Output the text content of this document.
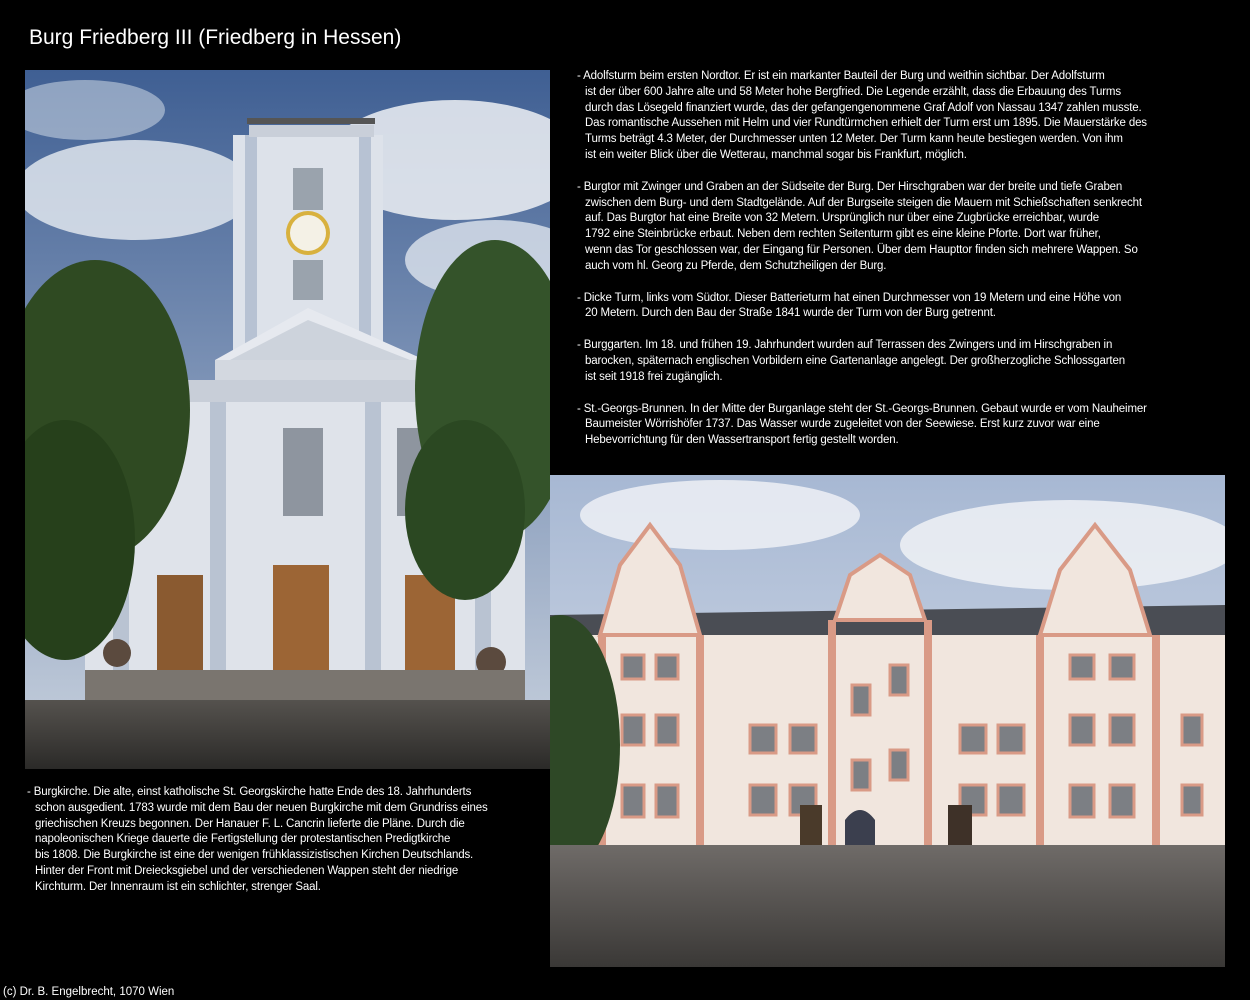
Burg Friedberg III (Friedberg in Hessen)
- Adolfsturm beim ersten Nordtor. Er ist ein markanter Bauteil der Burg und weithin sichtbar. Der Adolfsturm
ist der über 600 Jahre alte und 58 Meter hohe Bergfried. Die Legende erzählt, dass die Erbauung des Turms
durch das Lösegeld finanziert wurde, das der gefangengenommene Graf Adolf von Nassau 1347 zahlen musste.
Das romantische Aussehen mit Helm und vier Rundtürmchen erhielt der Turm erst um 1895. Die Mauerstärke des
Turms beträgt 4.3 Meter, der Durchmesser unten 12 Meter. Der Turm kann heute bestiegen werden. Von ihm
ist ein weiter Blick über die Wetterau, manchmal sogar bis Frankfurt, möglich.
- Burgtor mit Zwinger und Graben an der Südseite der Burg. Der Hirschgraben war der breite und tiefe Graben
zwischen dem Burg- und dem Stadtgelände. Auf der Burgseite steigen die Mauern mit Schießschaften senkrecht
auf. Das Burgtor hat eine Breite von 32 Metern. Ursprünglich nur über eine Zugbrücke erreichbar, wurde
1792 eine Steinbrücke erbaut. Neben dem rechten Seitenturm gibt es eine kleine Pforte. Dort war früher,
wenn das Tor geschlossen war, der Eingang für Personen. Über dem Haupttor finden sich mehrere Wappen. So
auch vom hl. Georg zu Pferde, dem Schutzheiligen der Burg.
- Dicke Turm, links vom Südtor. Dieser Batterieturm hat einen Durchmesser von 19 Metern und eine Höhe von
20 Metern. Durch den Bau der Straße 1841 wurde der Turm von der Burg getrennt.
- Burggarten. Im 18. und frühen 19. Jahrhundert wurden auf Terrassen des Zwingers und im Hirschgraben in
barocken, späternach englischen Vorbildern eine Gartenanlage angelegt. Der großherzogliche Schlossgarten
ist seit 1918 frei zugänglich.
- St.-Georgs-Brunnen. In der Mitte der Burganlage steht der St.-Georgs-Brunnen. Gebaut wurde er vom Nauheimer
Baumeister Wörrishöfer 1737. Das Wasser wurde zugeleitet von der Seewiese. Erst kurz zuvor war eine
Hebevorrichtung für den Wassertransport fertig gestellt worden.
- Burgkirche. Die alte, einst katholische St. Georgskirche hatte Ende des 18. Jahrhunderts
schon ausgedient. 1783 wurde mit dem Bau der neuen Burgkirche mit dem Grundriss eines
griechischen Kreuzs begonnen. Der Hanauer F. L. Cancrin lieferte die Pläne. Durch die
napoleonischen Kriege dauerte die Fertigstellung der protestantischen Predigtkirche
bis 1808. Die Burgkirche ist eine der wenigen frühklassizistischen Kirchen Deutschlands.
Hinter der Front mit Dreiecksgiebel und der verschiedenen Wappen steht der niedrige
Kirchturm. Der Innenraum ist ein schlichter, strenger Saal.
(c) Dr. B. Engelbrecht, 1070 Wien
